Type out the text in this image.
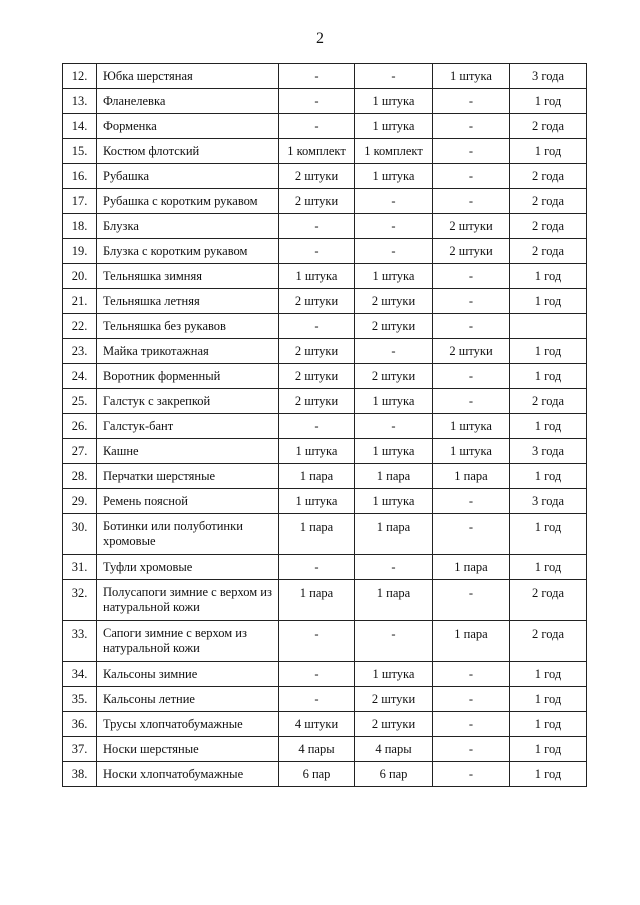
2
12.	Юбка шерстяная	-	-	1 штука	3 года
13.	Фланелевка	-	1 штука	-	1 год
14.	Форменка	-	1 штука	-	2 года
15.	Костюм флотский	1 комплект	1 комплект	-	1 год
16.	Рубашка	2 штуки	1 штука	-	2 года
17.	Рубашка с коротким рукавом	2 штуки	-	-	2 года
18.	Блузка	-	-	2 штуки	2 года
19.	Блузка с коротким рукавом	-	-	2 штуки	2 года
20.	Тельняшка зимняя	1 штука	1 штука	-	1 год
21.	Тельняшка летняя	2 штуки	2 штуки	-	1 год
22.	Тельняшка без рукавов	-	2 штуки	-	
23.	Майка трикотажная	2 штуки	-	2 штуки	1 год
24.	Воротник форменный	2 штуки	2 штуки	-	1 год
25.	Галстук с закрепкой	2 штуки	1 штука	-	2 года
26.	Галстук-бант	-	-	1 штука	1 год
27.	Кашне	1 штука	1 штука	1 штука	3 года
28.	Перчатки шерстяные	1 пара	1 пара	1 пара	1 год
29.	Ремень поясной	1 штука	1 штука	-	3 года
30.	Ботинки или полуботинки хромовые	1 пара	1 пара	-	1 год
31.	Туфли хромовые	-	-	1 пара	1 год
32.	Полусапоги зимние с верхом из натуральной кожи	1 пара	1 пара	-	2 года
33.	Сапоги зимние с верхом из натуральной кожи	-	-	1 пара	2 года
34.	Кальсоны зимние	-	1 штука	-	1 год
35.	Кальсоны летние	-	2 штуки	-	1 год
36.	Трусы хлопчатобумажные	4 штуки	2 штуки	-	1 год
37.	Носки шерстяные	4 пары	4 пары	-	1 год
38.	Носки хлопчатобумажные	6 пар	6 пар	-	1 год
